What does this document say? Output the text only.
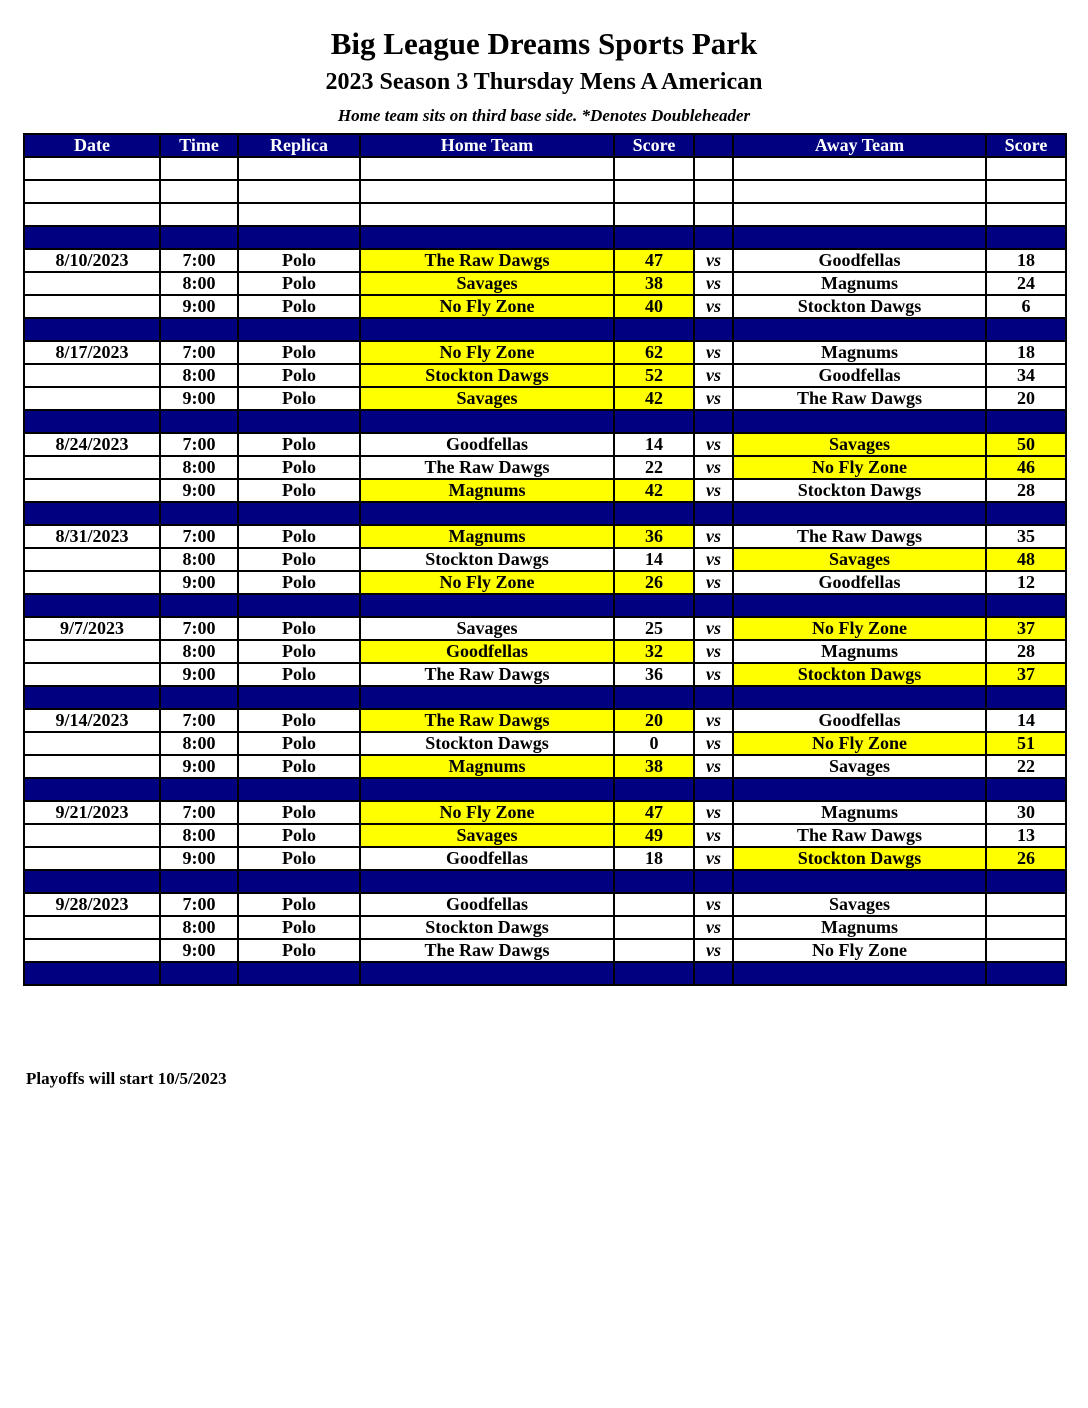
Big League Dreams Sports Park
2023 Season 3 Thursday Mens A American
Home team sits on third base side. *Denotes Doubleheader
Date	Time	Replica	Home Team	Score		Away Team	Score

8/10/2023	7:00	Polo	The Raw Dawgs	47	vs	Goodfellas	18
	8:00	Polo	Savages	38	vs	Magnums	24
	9:00	Polo	No Fly Zone	40	vs	Stockton Dawgs	6

8/17/2023	7:00	Polo	No Fly Zone	62	vs	Magnums	18
	8:00	Polo	Stockton Dawgs	52	vs	Goodfellas	34
	9:00	Polo	Savages	42	vs	The Raw Dawgs	20

8/24/2023	7:00	Polo	Goodfellas	14	vs	Savages	50
	8:00	Polo	The Raw Dawgs	22	vs	No Fly Zone	46
	9:00	Polo	Magnums	42	vs	Stockton Dawgs	28

8/31/2023	7:00	Polo	Magnums	36	vs	The Raw Dawgs	35
	8:00	Polo	Stockton Dawgs	14	vs	Savages	48
	9:00	Polo	No Fly Zone	26	vs	Goodfellas	12

9/7/2023	7:00	Polo	Savages	25	vs	No Fly Zone	37
	8:00	Polo	Goodfellas	32	vs	Magnums	28
	9:00	Polo	The Raw Dawgs	36	vs	Stockton Dawgs	37

9/14/2023	7:00	Polo	The Raw Dawgs	20	vs	Goodfellas	14
	8:00	Polo	Stockton Dawgs	0	vs	No Fly Zone	51
	9:00	Polo	Magnums	38	vs	Savages	22

9/21/2023	7:00	Polo	No Fly Zone	47	vs	Magnums	30
	8:00	Polo	Savages	49	vs	The Raw Dawgs	13
	9:00	Polo	Goodfellas	18	vs	Stockton Dawgs	26

9/28/2023	7:00	Polo	Goodfellas		vs	Savages	
	8:00	Polo	Stockton Dawgs		vs	Magnums	
	9:00	Polo	The Raw Dawgs		vs	No Fly Zone	

Playoffs will start 10/5/2023
